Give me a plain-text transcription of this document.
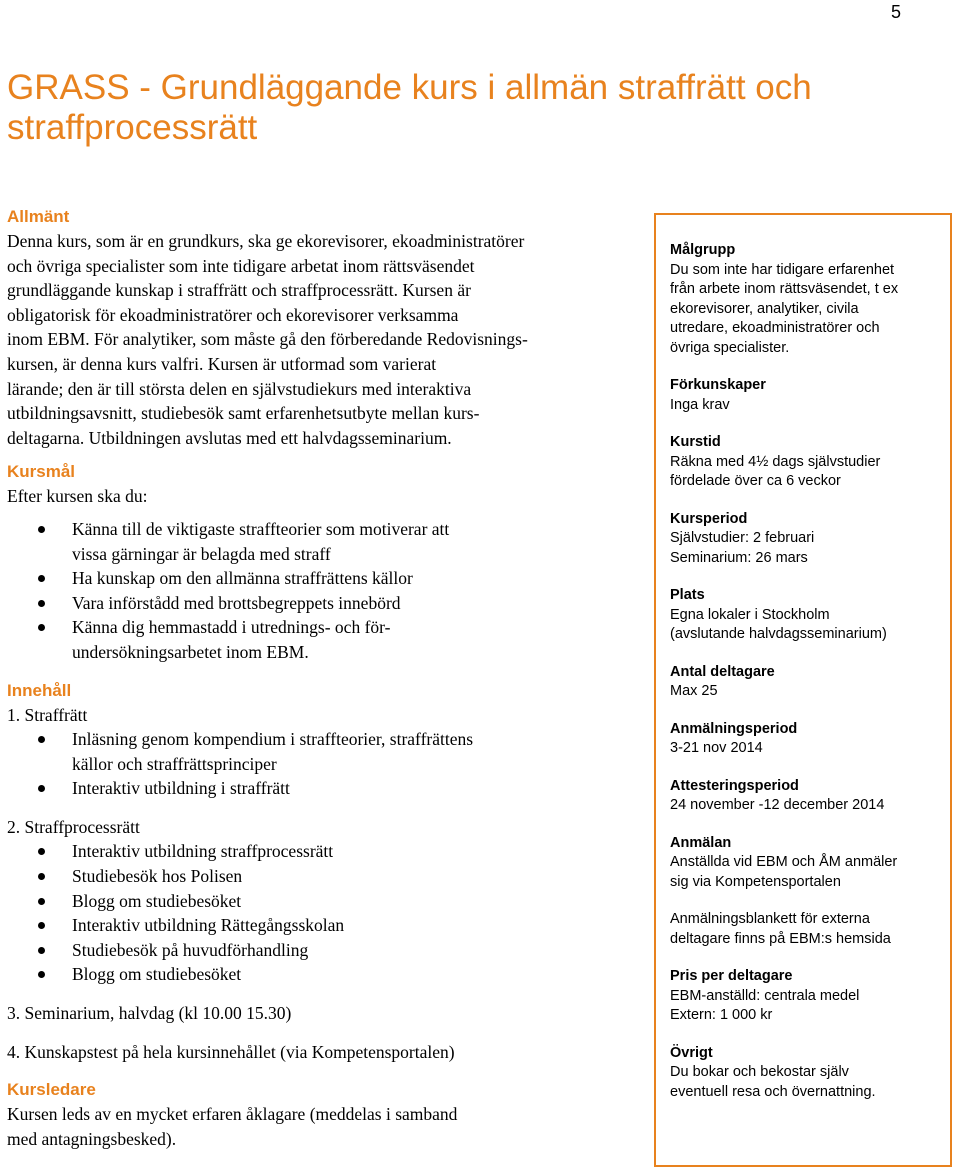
5
GRASS - Grundläggande kurs i allmän straffrätt och straffprocessrätt
Allmänt

Denna kurs, som är en grundkurs, ska ge ekorevisorer, ekoadministratörer
och övriga specialister som inte tidigare arbetat inom rättsväsendet
grundläggande kunskap i straffrätt och straffprocessrätt. Kursen är
obligatorisk för ekoadministratörer och ekorevisorer verksamma
inom EBM. För analytiker, som måste gå den förberedande Redovisnings-
kursen, är denna kurs valfri. Kursen är utformad som varierat
lärande; den är till största delen en självstudiekurs med interaktiva
utbildningsavsnitt, studiebesök samt erfarenhetsutbyte mellan kurs-
deltagarna. Utbildningen avslutas med ett halvdagsseminarium.

Kursmål

Efter kursen ska du:

Känna till de viktigaste straffteorier som motiverar att
vissa gärningar är belagda med straff
Ha kunskap om den allmänna straffrättens källor
Vara införstådd med brottsbegreppets innebörd
Känna dig hemmastadd i utrednings- och för-
undersökningsarbetet inom EBM.
Innehåll

1. Straffrätt

Inläsning genom kompendium i straffteorier, straffrättens
källor och straffrättsprinciper
Interaktiv utbildning i straffrätt

2. Straffprocessrätt

Interaktiv utbildning straffprocessrätt
Studiebesök hos Polisen
Blogg om studiebesöket
Interaktiv utbildning Rättegångsskolan
Studiebesök på huvudförhandling
Blogg om studiebesöket

3. Seminarium, halvdag (kl 10.00 15.30)

4. Kunskapstest på hela kursinnehållet (via Kompetensportalen)

Kursledare

Kursen leds av en mycket erfaren åklagare (meddelas i samband
med antagningsbesked).

Målgrupp
Du som inte har tidigare erfarenhet
från arbete inom rättsväsendet, t ex
ekorevisorer, analytiker, civila
utredare, ekoadministratörer och
övriga specialister.
Förkunskaper
Inga krav
Kurstid
Räkna med 4½ dags självstudier
fördelade över ca 6 veckor
Kursperiod
Självstudier: 2 februari
Seminarium: 26 mars
Plats
Egna lokaler i Stockholm
(avslutande halvdagsseminarium)
Antal deltagare
Max 25
Anmälningsperiod
3-21 nov 2014
Attesteringsperiod
24 november -12 december 2014
Anmälan
Anställda vid EBM och ÅM anmäler
sig via Kompetensportalen
Anmälningsblankett för externa
deltagare finns på EBM:s hemsida
Pris per deltagare
EBM-anställd: centrala medel
Extern: 1 000 kr
Övrigt
Du bokar och bekostar själv
eventuell resa och övernattning.
